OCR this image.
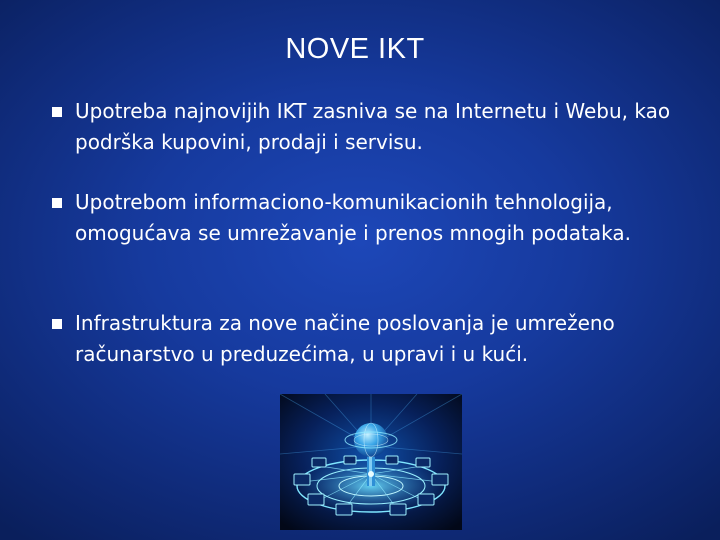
NOVE IKT
Upotreba najnovijih IKT zasniva se na Internetu i Webu, kao podrška kupovini, prodaji i servisu.
Upotrebom informaciono-komunikacionih tehnologija, omogućava se umrežavanje i prenos mnogih podataka.
Infrastruktura za nove načine poslovanja je umreženo računarstvo u preduzećima, u upravi i u kući.
